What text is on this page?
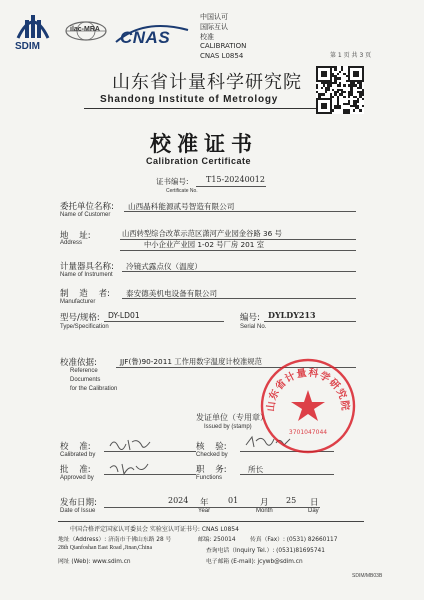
SDIM
ilac-MRA CNAS
中国认可
国际互认
校准
CALIBRATION
CNAS L0854	第 1 页 共 3 页
山东省计量科学研究院
Shandong Institute of Metrology
校准证书
Calibration Certificate
证书编号: T15-20240012
Certificate No.
委托单位名称: 山西晶科能源贰号智造有限公司
Name of Customer
地    址:	山西转型综合改革示范区潇河产业园金谷路 36 号
Address	中小企业产业园 1-02 号厂房 201 室
计量器具名称: 冷镜式露点仪（温度）
Name of Instrument
制    造    者: 泰安德美机电设备有限公司
Manufacturer
型号/规格: DY-LD01
Type/Specification
编号: DYLDY213
Serial No.
校准依据:	JJF(鲁)90-2011 工作用数字温度计校准规范
Reference
Documents
for the Calibration
发证单位（专用章）
Issued by (stamp)
校    准:
Calibrated by
核    验:
Checked by
批    准:
Approved by
职    务:
Functions
所长
发布日期:
Date of Issue
2024 年
Year
01	月
Month
25 日
Day
山东省计量科学研究院
3701047044
中国合格评定国家认可委员会 实验室认可证书号: CNAS L0854
地址（Address）: 济南市千佛山东路 28 号	邮编: 250014 传真（Fax）: (0531) 82660117
28th Qianfoshan East Road ,Jinan,China	查询电话（Inquiry Tel.）: (0531)81695741
网址 (Web): www.sdim.cn	电子邮箱 (E-mail): jcywb@sdim.cn
SDIM/MB03B
